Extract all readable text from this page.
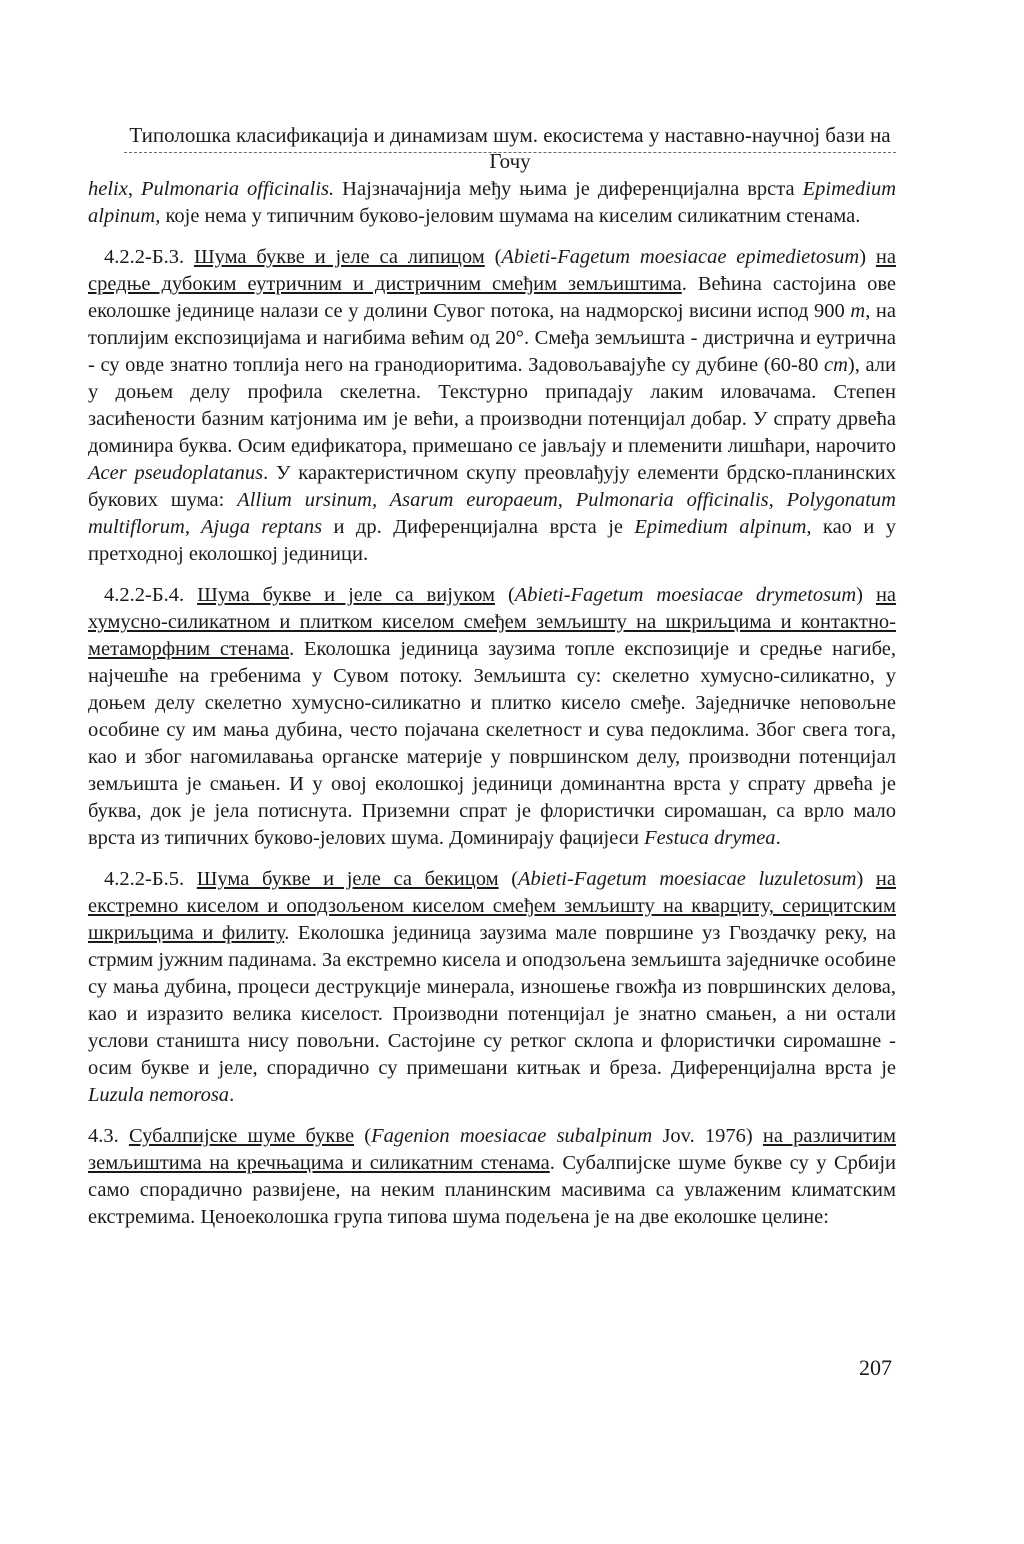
Типолошка класификација и динамизам шум. екосистема у наставно-научној бази на Гочу

helix, Pulmonaria officinalis. Најзначајнија међу њима је диференцијална врста Epimedium alpinum, које нема у типичним буково-јеловим шумама на киселим силикатним стенама.

4.2.2-Б.3. Шума букве и јеле са липицом (Abieti-Fagetum moesiacae epimedietosum) на средње дубоким еутричним и дистричним смеђим земљиштима. Већина састојина ове еколошке јединице налази се у долини Сувог потока, на надморској висини испод 900 m, на топлијим експозицијама и нагибима већим од 20°. Смеђа земљишта - дистрична и еутрична - су овде знатно топлија него на гранодиоритима. Задовољавајуће су дубине (60-80 cm), али у доњем делу профила скелетна. Текстурно припадају лаким иловачама. Степен засићености базним катјонима им је већи, а производни потенцијал добар. У спрату дрвећа доминира буква. Осим едификатора, примешано се јављају и племенити лишћари, нарочито Acer pseudoplatanus. У карактеристичном скупу преовлађују елементи брдско-планинских букових шума: Allium ursinum, Asarum europaeum, Pulmonaria officinalis, Polygonatum multiflorum, Ajuga reptans и др. Диференцијална врста је Epimedium alpinum, као и у претходној еколошкој јединици.

4.2.2-Б.4. Шума букве и јеле са вијуком (Abieti-Fagetum moesiacae drymetosum) на хумусно-силикатном и плитком киселом смеђем земљишту на шкриљцима и контактно-метаморфним стенама. Еколошка јединица заузима топле експозиције и средње нагибе, најчешће на гребенима у Сувом потоку. Земљишта су: скелетно хумусно-силикатно, у доњем делу скелетно хумусно-силикатно и плитко кисело смеђе. Заједничке неповољне особине су им мања дубина, често појачана скелетност и сува педоклима. Због свега тога, као и због нагомилавања органске материје у површинском делу, производни потенцијал земљишта је смањен. И у овој еколошкој јединици доминантна врста у спрату дрвећа је буква, док је јела потиснута. Приземни спрат је флористички сиромашан, са врло мало врста из типичних буково-јелових шума. Доминирају фацијеси Festuca drymea.

4.2.2-Б.5. Шума букве и јеле са бекицом (Abieti-Fagetum moesiacae luzuletosum) на екстремно киселом и оподзољеном киселом смеђем земљишту на кварциту, серицитским шкриљцима и филиту. Еколошка јединица заузима мале површине уз Гвоздачку реку, на стрмим јужним падинама. За екстремно кисела и оподзољена земљишта заједничке особине су мања дубина, процеси деструкције минерала, изношење гвожђа из површинских делова, као и изразито велика киселост. Производни потенцијал је знатно смањен, а ни остали услови станишта нису повољни. Састојине су ретког склопа и флористички сиромашне - осим букве и јеле, спорадично су примешани китњак и бреза. Диференцијална врста је Luzula nemorosa.

4.3. Субалпијске шуме букве (Fagenion moesiacae subalpinum Jov. 1976) на различитим земљиштима на кречњацима и силикатним стенама. Субалпијске шуме букве су у Србији само спорадично развијене, на неким планинским масивима са увлаженим климатским екстремима. Ценоеколошка група типова шума подељена је на две еколошке целине:

207
